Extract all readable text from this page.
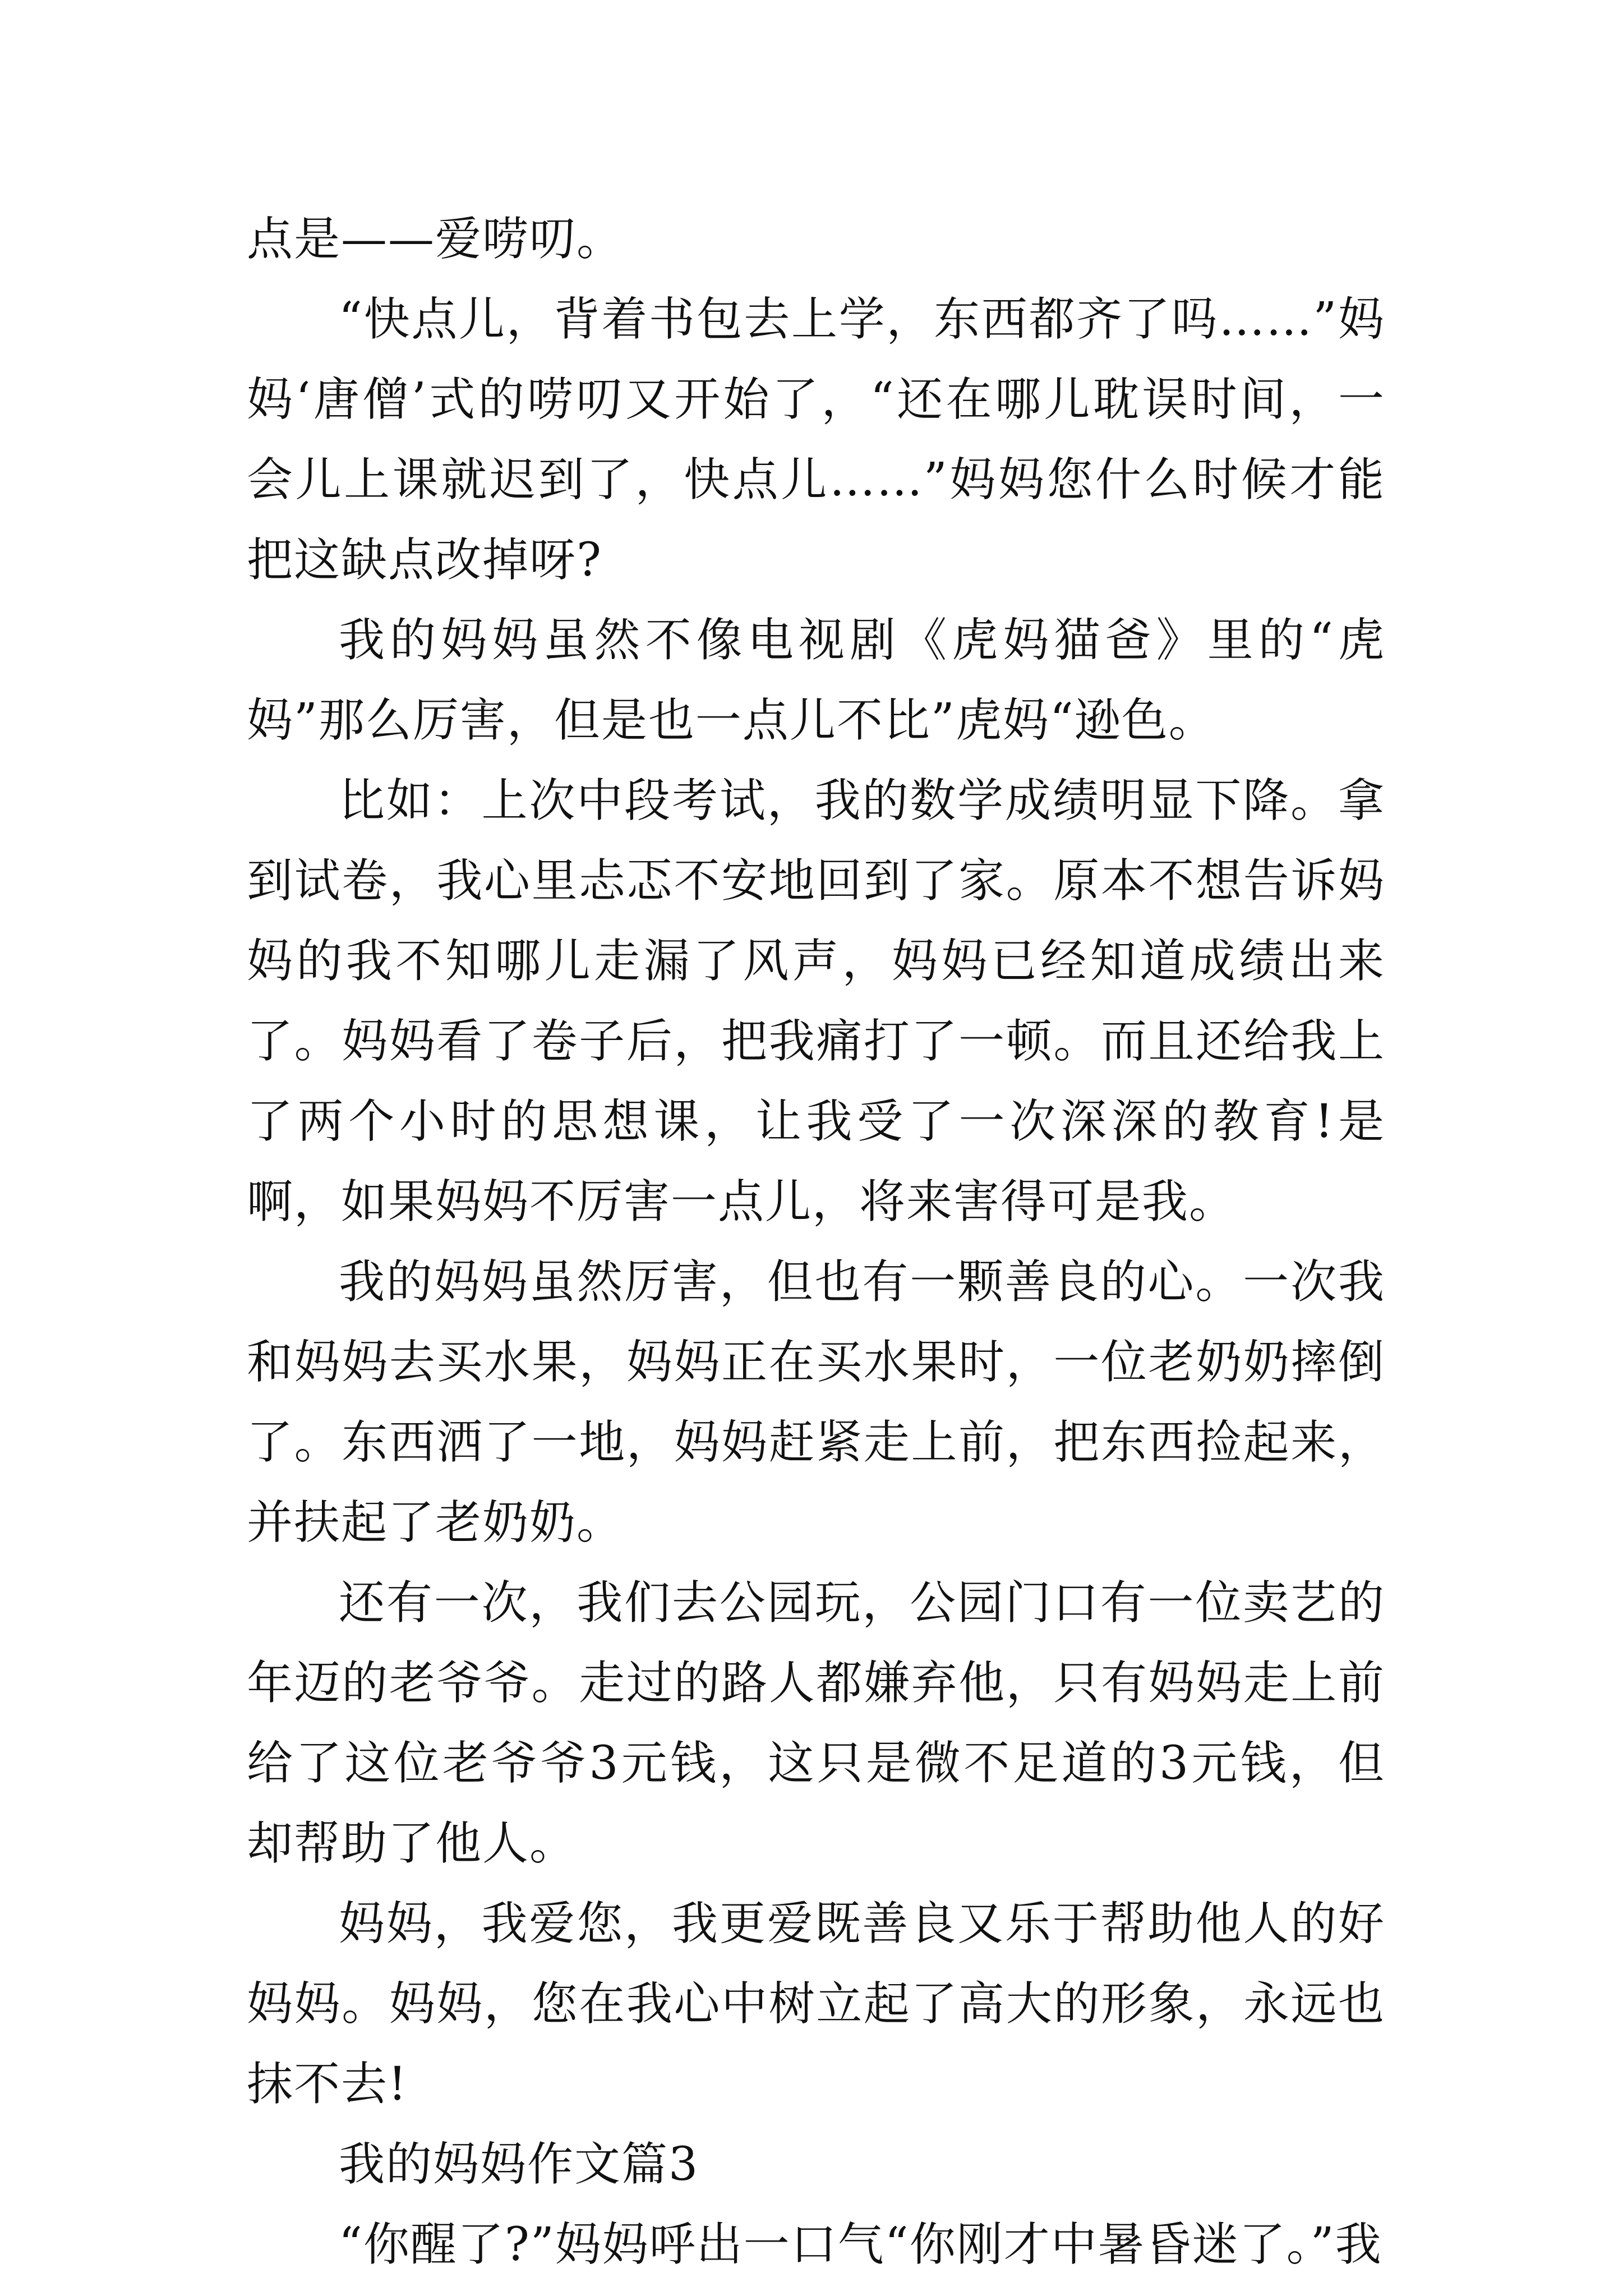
点是——爱唠叨。

“快点儿，背着书包去上学，东西都齐了吗……”妈妈‘唐僧’式的唠叨又开始了，“还在哪儿耽误时间，一会儿上课就迟到了，快点儿……”妈妈您什么时候才能把这缺点改掉呀?

我的妈妈虽然不像电视剧《虎妈猫爸》里的“虎妈”那么厉害，但是也一点儿不比”虎妈“逊色。

比如：上次中段考试，我的数学成绩明显下降。拿到试卷，我心里忐忑不安地回到了家。原本不想告诉妈妈的我不知哪儿走漏了风声，妈妈已经知道成绩出来了。妈妈看了卷子后，把我痛打了一顿。而且还给我上了两个小时的思想课，让我受了一次深深的教育!是啊，如果妈妈不厉害一点儿，将来害得可是我。

我的妈妈虽然厉害，但也有一颗善良的心。一次我和妈妈去买水果，妈妈正在买水果时，一位老奶奶摔倒了。东西洒了一地，妈妈赶紧走上前，把东西捡起来，并扶起了老奶奶。

还有一次，我们去公园玩，公园门口有一位卖艺的年迈的老爷爷。走过的路人都嫌弃他，只有妈妈走上前给了这位老爷爷3元钱，这只是微不足道的3元钱，但却帮助了他人。

妈妈，我爱您，我更爱既善良又乐于帮助他人的好妈妈。妈妈，您在我心中树立起了高大的形象，永远也抹不去!

我的妈妈作文篇3

“你醒了?”妈妈呼出一口气“你刚才中暑昏迷了。”我
